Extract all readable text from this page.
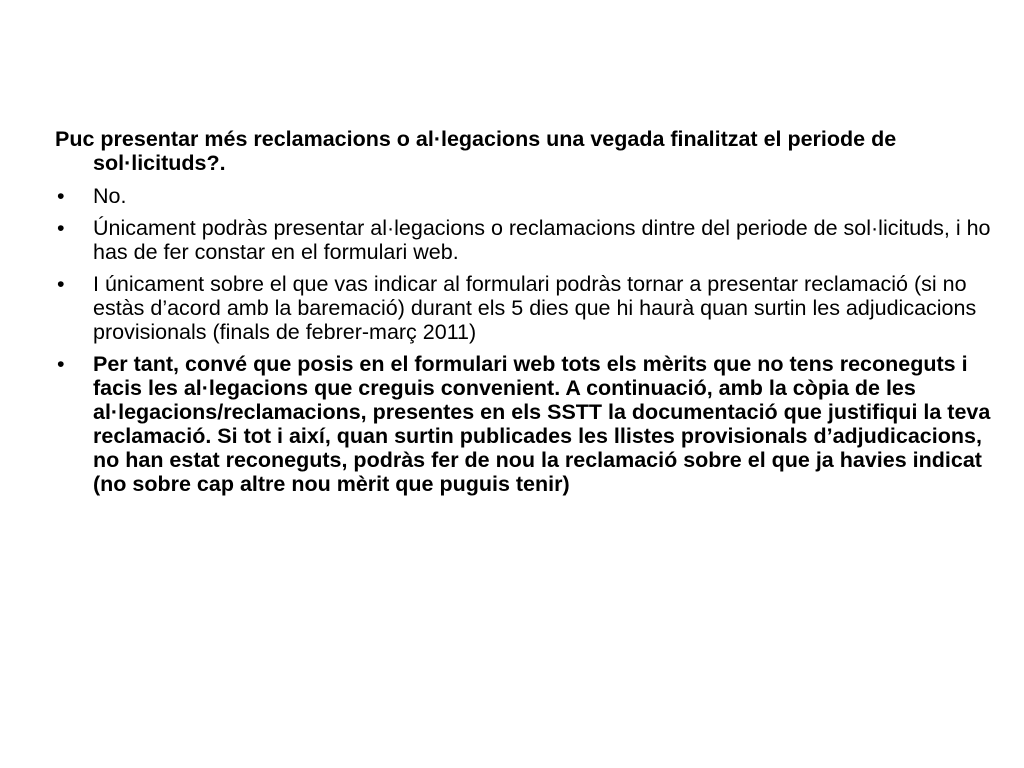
Puc presentar més reclamacions o al·legacions una vegada finalitzat el periode de sol·licituds?.

• No.
• Únicament podràs presentar al·legacions o reclamacions dintre del periode de sol·licituds, i ho has de fer constar en el formulari web.
• I únicament sobre el que vas indicar al formulari podràs tornar a presentar reclamació (si no estàs d’acord amb la baremació) durant els 5 dies que hi haurà quan surtin les adjudicacions provisionals (finals de febrer-març 2011)
• Per tant, convé que posis en el formulari web tots els mèrits que no tens reconeguts i facis les al·legacions que creguis convenient. A continuació, amb la còpia de les al·legacions/reclamacions, presentes en els SSTT la documentació que justifiqui la teva reclamació. Si tot i així, quan surtin publicades les llistes provisionals d’adjudicacions, no han estat reconeguts, podràs fer de nou la reclamació sobre el que ja havies indicat (no sobre cap altre nou mèrit que puguis tenir)
